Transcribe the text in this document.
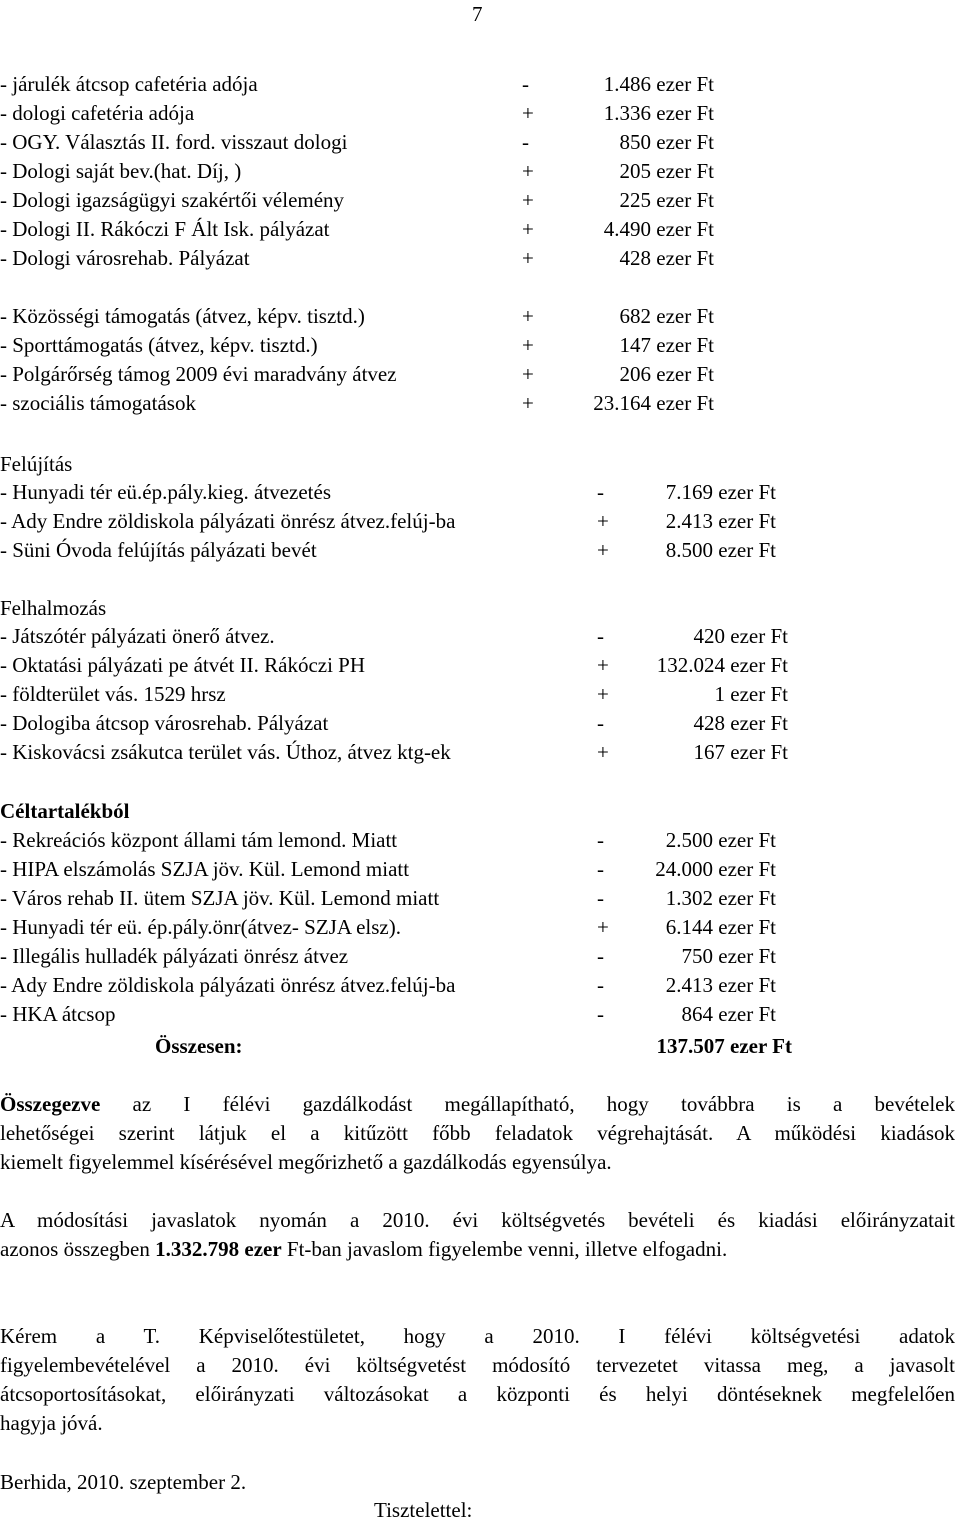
7
- járulék átcsop cafetéria adója	-	1.486 ezer Ft
- dologi cafetéria adója	+	1.336 ezer Ft
- OGY. Választás II. ford. visszaut dologi	-	850 ezer Ft
- Dologi saját bev.(hat. Díj, )	+	205 ezer Ft
- Dologi igazságügyi szakértői vélemény	+	225 ezer Ft
- Dologi II. Rákóczi F Ált Isk. pályázat	+	4.490 ezer Ft
- Dologi városrehab. Pályázat	+	428 ezer Ft
- Közösségi támogatás (átvez, képv. tisztd.)	+	682 ezer Ft
- Sporttámogatás (átvez, képv. tisztd.)	+	147 ezer Ft
- Polgárőrség támog 2009 évi maradvány átvez	+	206 ezer Ft
- szociális támogatások	+	23.164 ezer Ft
- Hunyadi tér eü.ép.pály.kieg. átvezetés	-	7.169 ezer Ft
- Ady Endre zöldiskola pályázati önrész átvez.felúj-ba	+	2.413 ezer Ft
- Süni Óvoda felújítás pályázati bevét	+	8.500 ezer Ft
- Játszótér pályázati önerő átvez.	-	420 ezer Ft
- Oktatási pályázati pe átvét II. Rákóczi PH	+ 132.024 ezer Ft
- földterület vás. 1529 hrsz	+	1 ezer Ft
- Dologiba átcsop városrehab. Pályázat	-	428 ezer Ft
- Kiskovácsi zsákutca terület vás. Úthoz, átvez ktg-ek	+	167 ezer Ft
- Rekreációs központ állami tám lemond. Miatt	-	2.500 ezer Ft
- HIPA elszámolás SZJA jöv. Kül. Lemond miatt	- 24.000 ezer Ft
- Város rehab II. ütem SZJA jöv. Kül. Lemond miatt	-	1.302 ezer Ft
- Hunyadi tér eü. ép.pály.önr(átvez- SZJA elsz).	+	6.144 ezer Ft
- Illegális hulladék pályázati önrész átvez	-	750 ezer Ft
- Ady Endre zöldiskola pályázati önrész átvez.felúj-ba	-	2.413 ezer Ft
- HKA átcsop	-	864 ezer Ft
Felújítás
Felhalmozás
Céltartalékból
Összesen:	137.507 ezer Ft
Összegezve az I félévi gazdálkodást megállapítható, hogy továbbra is a bevételek
lehetőségei szerint látjuk el a kitűzött főbb feladatok végrehajtását. A működési kiadások
kiemelt figyelemmel kísérésével megőrizhető a gazdálkodás egyensúlya.
A módosítási javaslatok nyomán a 2010. évi költségvetés bevételi és kiadási előirányzatait
azonos összegben 1.332.798 ezer Ft-ban javaslom figyelembe venni, illetve elfogadni.
Kérem a T. Képviselőtestületet, hogy a 2010. I félévi költségvetési adatok
figyelembevételével a 2010. évi költségvetést módosító tervezetet vitassa meg, a javasolt
átcsoportosításokat, előirányzati változásokat a központi és helyi döntéseknek megfelelően
hagyja jóvá.
Berhida, 2010. szeptember 2.
Tisztelettel:
